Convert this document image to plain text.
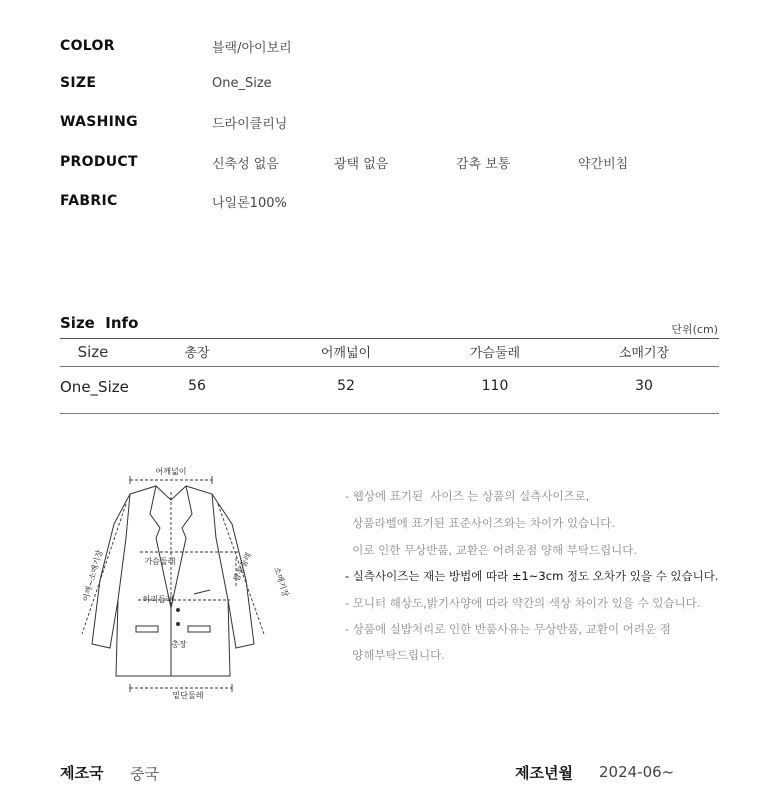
COLOR	블랙/아이보리
SIZE	One_Size
WASHING	드라이클리닝
PRODUCT	신축성 없음	광택 없음	감촉 보통	약간비침
FABRIC	나일론100%
Size  Info	단위(cm)
Size	총장	어깨넓이	가슴둘레	소매기장
One_Size	56	52	110	30
어깨넓이
가슴둘레
허리둘레
총장
밑단둘레
소매기장
팔통둘레
어깨~소매기장
- 웹상에 표기된  사이즈 는 상품의 실측사이즈로,
상품라벨에 표기된 표준사이즈와는 차이가 있습니다.
이로 인한 무상반품, 교환은 어려운점 양해 부탁드립니다.
- 실측사이즈는 재는 방법에 따라 ±1~3cm 정도 오차가 있을 수 있습니다.
- 모니터 해상도,밝기사양에 따라 약간의 색상 차이가 있을 수 있습니다.
- 상품에 실밥처리로 인한 반품사유는 무상반품, 교환이 어려운 점
양해부탁드립니다.
제조국 중국	제조년월 2024-06~
